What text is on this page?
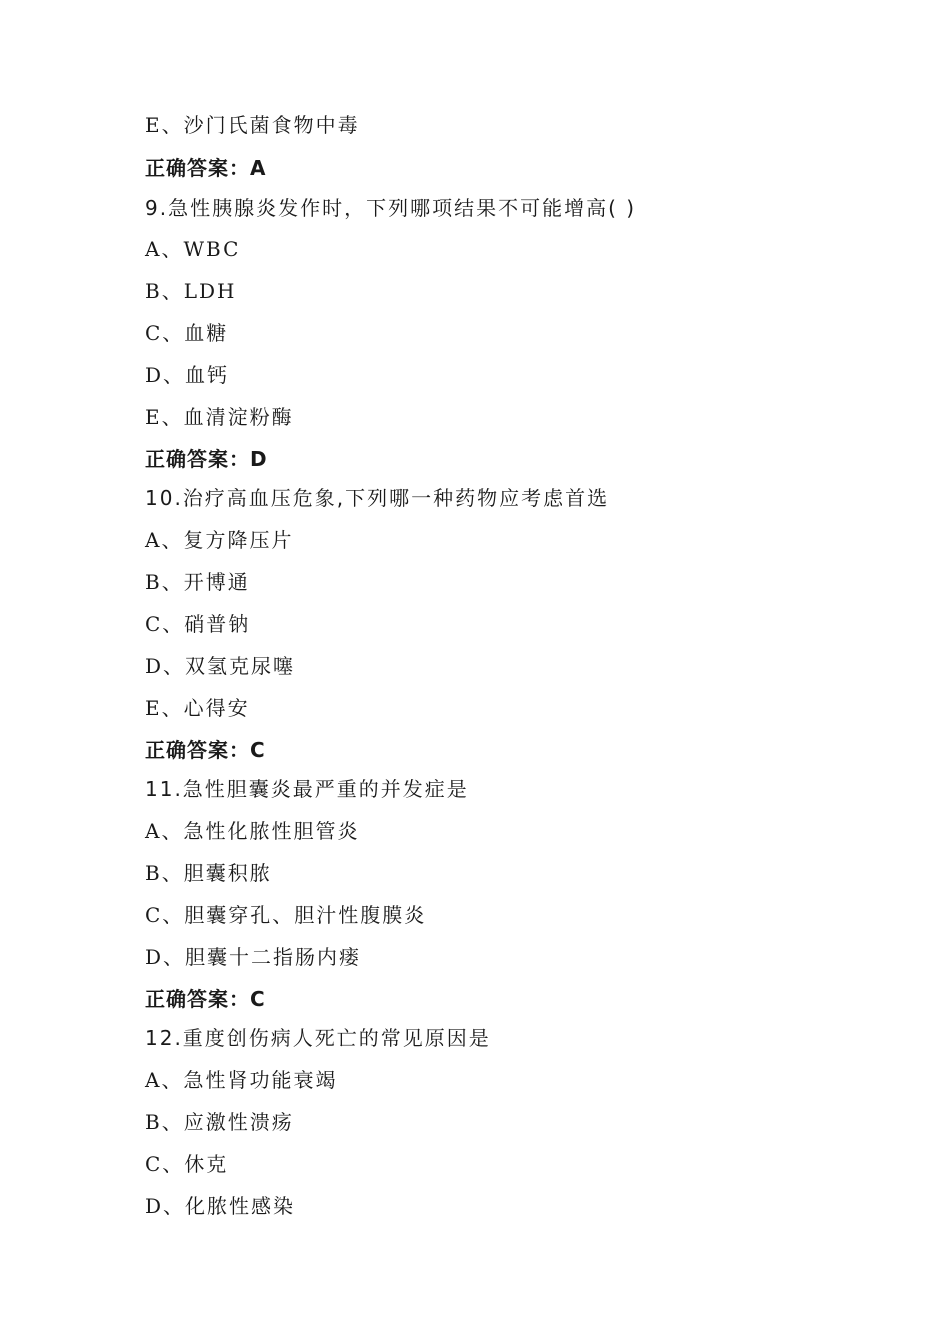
E、沙门氏菌食物中毒

正确答案：A

9.急性胰腺炎发作时，下列哪项结果不可能增高( )

A、WBC

B、LDH

C、血糖

D、血钙

E、血清淀粉酶

正确答案：D

10.治疗高血压危象,下列哪一种药物应考虑首选

A、复方降压片

B、开博通

C、硝普钠

D、双氢克尿噻

E、心得安

正确答案：C

11.急性胆囊炎最严重的并发症是

A、急性化脓性胆管炎

B、胆囊积脓

C、胆囊穿孔、胆汁性腹膜炎

D、胆囊十二指肠内瘘

正确答案：C

12.重度创伤病人死亡的常见原因是

A、急性肾功能衰竭

B、应激性溃疡

C、休克

D、化脓性感染
